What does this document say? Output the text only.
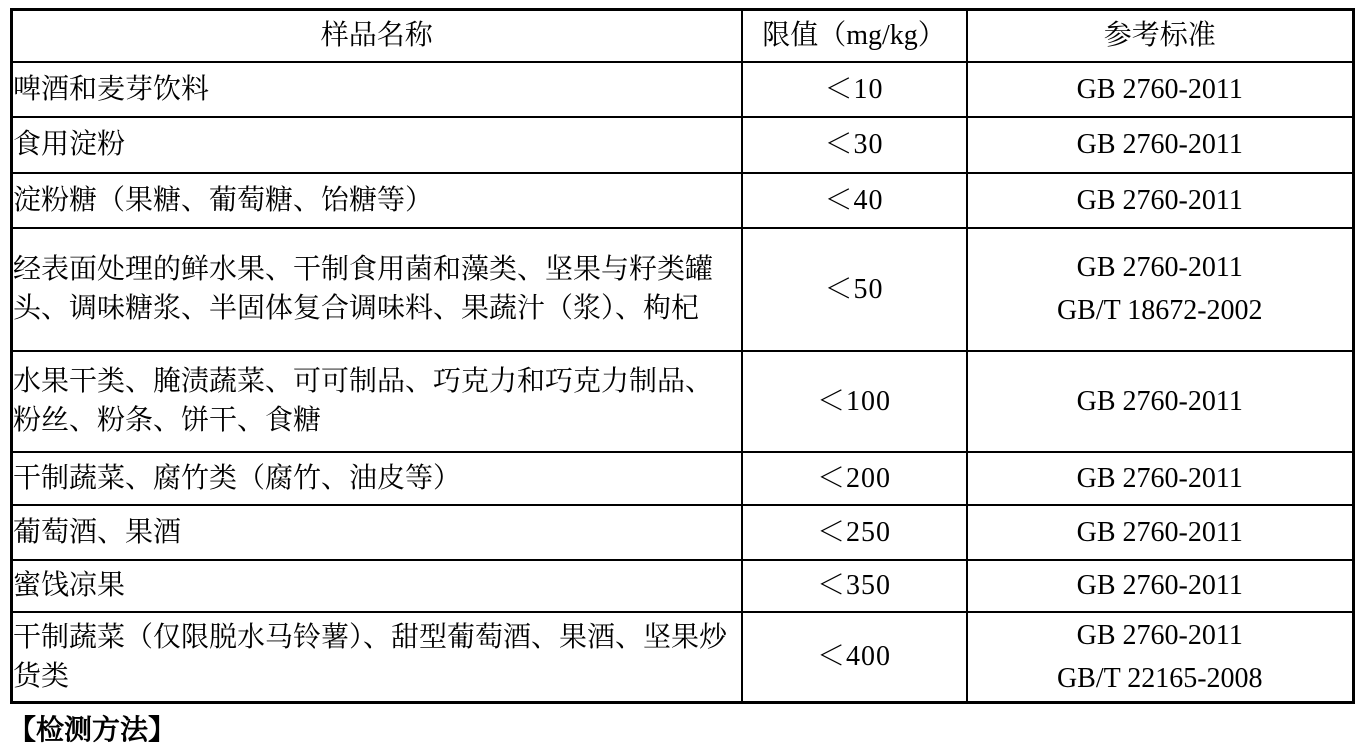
样品名称	限值（mg/kg）	参考标准
啤酒和麦芽饮料	＜10	GB 2760-2011

食用淀粉	＜30	GB 2760-2011

淀粉糖（果糖、葡萄糖、饴糖等）	＜40	GB 2760-2011

经表面处理的鲜水果、干制食用菌和藻类、坚果与籽类罐头、调味糖浆、半固体复合调味料、果蔬汁（浆）、枸杞	＜50	GB 2760-2011
GB/T 18672-2002

水果干类、腌渍蔬菜、可可制品、巧克力和巧克力制品、粉丝、粉条、饼干、食糖	＜100	GB 2760-2011

干制蔬菜、腐竹类（腐竹、油皮等）	＜200	GB 2760-2011

葡萄酒、果酒	＜250	GB 2760-2011

蜜饯凉果	＜350	GB 2760-2011

干制蔬菜（仅限脱水马铃薯）、甜型葡萄酒、果酒、坚果炒货类	＜400	GB 2760-2011
GB/T 22165-2008
【检测方法】
